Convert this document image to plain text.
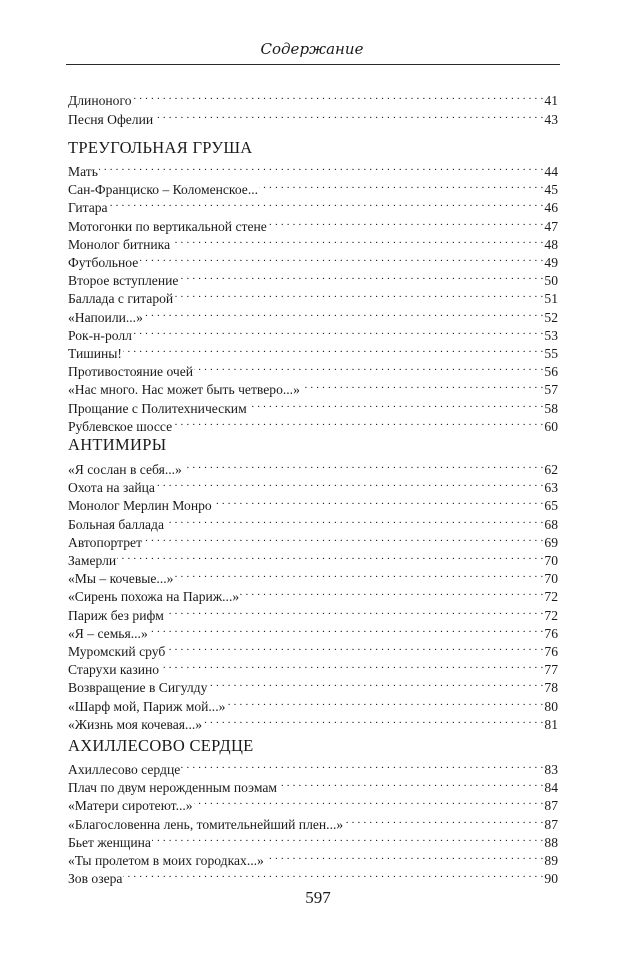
Содержание
Длиноного . . .	41
Песня Офелии . . .	43
ТРЕУГОЛЬНАЯ ГРУША
Мать . . .	44
Сан-Франциско – Коломенское... . . .	45
Гитара . . .	46
Мотогонки по вертикальной стене . . .	47
Монолог битника . . .	48
Футбольное . . .	49
Второе вступление . . .	50
Баллада с гитарой . . .	51
«Напоили...» . . .	52
Рок-н-ролл . . .	53
Тишины! . . .	55
Противостояние очей . . .	56
«Нас много. Нас может быть четверо...» . . .	57
Прощание с Политехническим . . .	58
Рублевское шоссе . . .	60
АНТИМИРЫ
«Я сослан в себя...» . . .	62
Охота на зайца . . .	63
Монолог Мерлин Монро . . .	65
Больная баллада . . .	68
Автопортрет . . .	69
Замерли . . .	70
«Мы – кочевые...» . . .	70
«Сирень похожа на Париж...» . . .	72
Париж без рифм . . .	72
«Я – семья...» . . .	76
Муромский сруб . . .	76
Старухи казино . . .	77
Возвращение в Сигулду . . .	78
«Шарф мой, Париж мой...» . . .	80
«Жизнь моя кочевая...» . . .	81
АХИЛЛЕСОВО СЕРДЦЕ
Ахиллесово сердце . . .	83
Плач по двум нерожденным поэмам . . .	84
«Матери сиротеют...» . . .	87
«Благословенна лень, томительнейший плен...» . . .	87
Бьет женщина . . .	88
«Ты пролетом в моих городках...» . . .	89
Зов озера . . .	90
597
